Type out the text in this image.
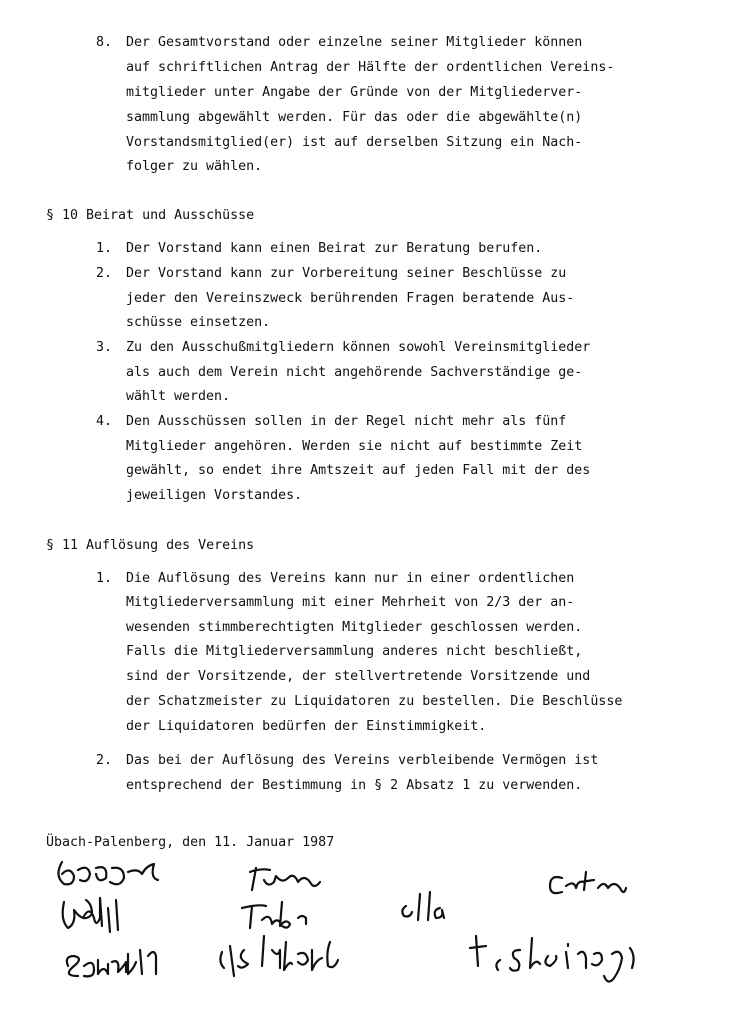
8. Der Gesamtvorstand oder einzelne seiner Mitglieder können
auf schriftlichen Antrag der Hälfte der ordentlichen Vereins-
mitglieder unter Angabe der Gründe von der Mitgliederver-
sammlung abgewählt werden. Für das oder die abgewählte(n)
Vorstandsmitglied(er) ist auf derselben Sitzung ein Nach-
folger zu wählen.
§ 10 Beirat und Ausschüsse
1. Der Vorstand kann einen Beirat zur Beratung berufen.
2. Der Vorstand kann zur Vorbereitung seiner Beschlüsse zu
jeder den Vereinszweck berührenden Fragen beratende Aus-
schüsse einsetzen.
3. Zu den Ausschußmitgliedern können sowohl Vereinsmitglieder
als auch dem Verein nicht angehörende Sachverständige ge-
wählt werden.
4. Den Ausschüssen sollen in der Regel nicht mehr als fünf
Mitglieder angehören. Werden sie nicht auf bestimmte Zeit
gewählt, so endet ihre Amtszeit auf jeden Fall mit der des
jeweiligen Vorstandes.
§ 11 Auflösung des Vereins
1. Die Auflösung des Vereins kann nur in einer ordentlichen
Mitgliederversammlung mit einer Mehrheit von 2/3 der an-
wesenden stimmberechtigten Mitglieder geschlossen werden.
Falls die Mitgliederversammlung anderes nicht beschließt,
sind der Vorsitzende, der stellvertretende Vorsitzende und
der Schatzmeister zu Liquidatoren zu bestellen. Die Beschlüsse
der Liquidatoren bedürfen der Einstimmigkeit.
2. Das bei der Auflösung des Vereins verbleibende Vermögen ist
entsprechend der Bestimmung in § 2 Absatz 1 zu verwenden.
Übach-Palenberg, den 11. Januar 1987
